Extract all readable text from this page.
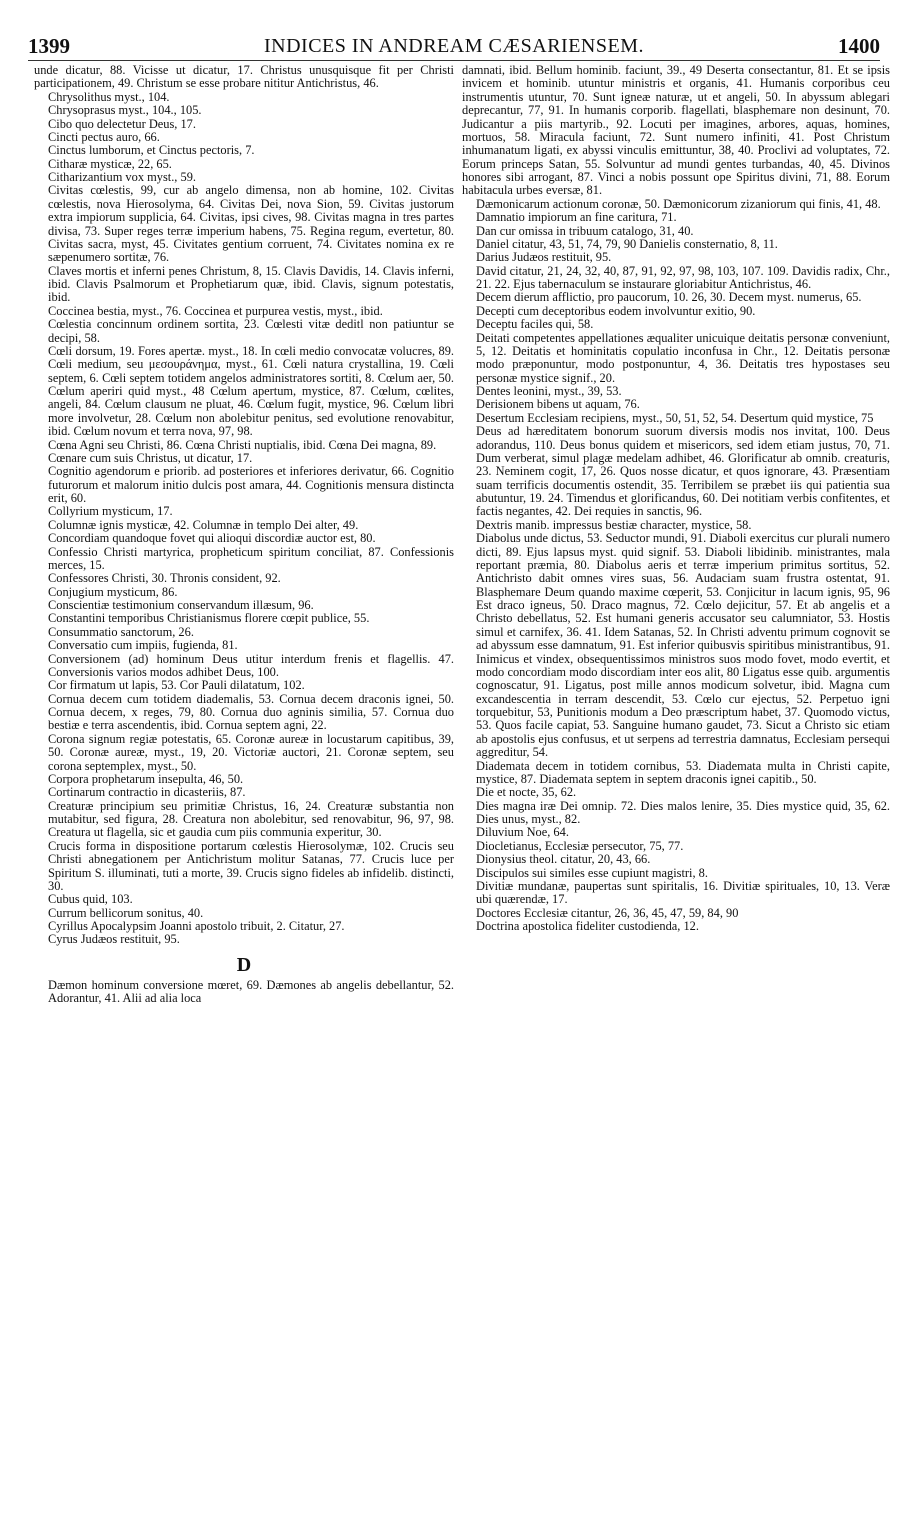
1399	INDICES IN ANDREAM CÆSARIENSEM.	1400

unde dicatur, 88. Vicisse ut dicatur, 17. Christus unusquisque fit per Christi participationem, 49. Christum se esse probare nititur Antichristus, 46.

Chrysolithus myst., 104.

Chrysoprasus myst., 104., 105.

Cibo quo delectetur Deus, 17.

Cincti pectus auro, 66.

Cinctus lumborum, et Cinctus pectoris, 7.

Citharæ mysticæ, 22, 65.

Citharizantium vox myst., 59.

Civitas cœlestis, 99, cur ab angelo dimensa, non ab homine, 102. Civitas cœlestis, nova Hierosolyma, 64. Civitas Dei, nova Sion, 59. Civitas justorum extra impiorum supplicia, 64. Civitas, ipsi cives, 98. Civitas magna in tres partes divisa, 73. Super reges terræ imperium habens, 75. Regina regum, evertetur, 80. Civitas sacra, myst, 45. Civitates gentium corruent, 74. Civitates nomina ex re sæpenumero sortitæ, 76.

Claves mortis et inferni penes Christum, 8, 15. Clavis Davidis, 14. Clavis inferni, ibid. Clavis Psalmorum et Prophetiarum quæ, ibid. Clavis, signum potestatis, ibid.

Coccinea bestia, myst., 76. Coccinea et purpurea vestis, myst., ibid.

Cœlestia concinnum ordinem sortita, 23. Cœlesti vitæ deditl non patiuntur se decipi, 58.

Cœli dorsum, 19. Fores apertæ. myst., 18. In cœli medio convocatæ volucres, 89. Cœli medium, seu μεσουράνημα, myst., 61. Cœli natura crystallina, 19. Cœli septem, 6. Cœli septem totidem angelos administratores sortiti, 8. Cœlum aer, 50. Cœlum aperiri quid myst., 48 Cœlum apertum, mystice, 87. Cœlum, cœlites, angeli, 84. Cœlum clausum ne pluat, 46. Cœlum fugit, mystice, 96. Cœlum libri more involvetur, 28. Cœlum non abolebitur penitus, sed evolutione renovabitur, ibid. Cœlum novum et terra nova, 97, 98.

Cœna Agni seu Christi, 86. Cœna Christi nuptialis, ibid. Cœna Dei magna, 89.

Cœnare cum suis Christus, ut dicatur, 17.

Cognitio agendorum e priorib. ad posteriores et inferiores derivatur, 66. Cognitio futurorum et malorum initio dulcis post amara, 44. Cognitionis mensura distincta erit, 60.

Collyrium mysticum, 17.

Columnæ ignis mysticæ, 42. Columnæ in templo Dei alter, 49.

Concordiam quandoque fovet qui alioqui discordiæ auctor est, 80.

Confessio Christi martyrica, propheticum spiritum conciliat, 87. Confessionis merces, 15.

Confessores Christi, 30. Thronis consident, 92.

Conjugium mysticum, 86.

Conscientiæ testimonium conservandum illæsum, 96.

Constantini temporibus Christianismus florere cœpit publice, 55.

Consummatio sanctorum, 26.

Conversatio cum impiis, fugienda, 81.

Conversionem (ad) hominum Deus utitur interdum frenis et flagellis. 47. Conversionis varios modos adhibet Deus, 100.

Cor firmatum ut lapis, 53. Cor Pauli dilatatum, 102.

Cornua decem cum totidem diademalis, 53. Cornua decem draconis ignei, 50. Cornua decem, x reges, 79, 80. Cornua duo agninis similia, 57. Cornua duo bestiæ e terra ascendentis, ibid. Cornua septem agni, 22.

Corona signum regiæ potestatis, 65. Coronæ aureæ in locustarum capitibus, 39, 50. Coronæ aureæ, myst., 19, 20. Victoriæ auctori, 21. Coronæ septem, seu corona septemplex, myst., 50.

Corpora prophetarum insepulta, 46, 50.

Cortinarum contractio in dicasteriis, 87.

Creaturæ principium seu primitiæ Christus, 16, 24. Creaturæ substantia non mutabitur, sed figura, 28. Creatura non abolebitur, sed renovabitur, 96, 97, 98. Creatura ut flagella, sic et gaudia cum piis communia experitur, 30.

Crucis forma in dispositione portarum cœlestis Hierosolymæ, 102. Crucis seu Christi abnegationem per Antichristum molitur Satanas, 77. Crucis luce per Spiritum S. illuminati, tuti a morte, 39. Crucis signo fideles ab infidelib. distincti, 30.

Cubus quid, 103.

Currum bellicorum sonitus, 40.

Cyrillus Apocalypsim Joanni apostolo tribuit, 2. Citatur, 27.

Cyrus Judæos restituit, 95.

D

Dæmon hominum conversione mœret, 69. Dæmones ab angelis debellantur, 52. Adorantur, 41. Alii ad alia loca

damnati, ibid. Bellum hominib. faciunt, 39., 49 Deserta consectantur, 81. Et se ipsis invicem et hominib. utuntur ministris et organis, 41. Humanis corporibus ceu instrumentis utuntur, 70. Sunt igneæ naturæ, ut et angeli, 50. In abyssum ablegari deprecantur, 77, 91. In humanis corporib. flagellati, blasphemare non desinunt, 70. Judicantur a piis martyrib., 92. Locuti per imagines, arbores, aquas, homines, mortuos, 58. Miracula faciunt, 72. Sunt numero infiniti, 41. Post Christum inhumanatum ligati, ex abyssi vinculis emittuntur, 38, 40. Proclivi ad voluptates, 72. Eorum princeps Satan, 55. Solvuntur ad mundi gentes turbandas, 40, 45. Divinos honores sibi arrogant, 87. Vinci a nobis possunt ope Spiritus divini, 71, 88. Eorum habitacula urbes eversæ, 81.

Dæmonicarum actionum coronæ, 50. Dæmonicorum zizaniorum qui finis, 41, 48.

Damnatio impiorum an fine caritura, 71.

Dan cur omissa in tribuum catalogo, 31, 40.

Daniel citatur, 43, 51, 74, 79, 90 Danielis consternatio, 8, 11.

Darius Judæos restituit, 95.

David citatur, 21, 24, 32, 40, 87, 91, 92, 97, 98, 103, 107. 109. Davidis radix, Chr., 21. 22. Ejus tabernaculum se instaurare gloriabitur Antichristus, 46.

Decem dierum afflictio, pro paucorum, 10. 26, 30. Decem myst. numerus, 65.

Decepti cum deceptoribus eodem involvuntur exitio, 90.

Deceptu faciles qui, 58.

Deitati competentes appellationes æqualiter unicuique deitatis personæ conveniunt, 5, 12. Deitatis et hominitatis copulatio inconfusa in Chr., 12. Deitatis personæ modo præponuntur, modo postponuntur, 4, 36. Deitatis tres hypostases seu personæ mystice signif., 20.

Dentes leonini, myst., 39, 53.

Derisionem bibens ut aquam, 76.

Desertum Ecclesiam recipiens, myst., 50, 51, 52, 54. Desertum quid mystice, 75

Deus ad hæreditatem bonorum suorum diversis modis nos invitat, 100. Deus adorandus, 110. Deus bonus quidem et misericors, sed idem etiam justus, 70, 71. Dum verberat, simul plagæ medelam adhibet, 46. Glorificatur ab omnib. creaturis, 23. Neminem cogit, 17, 26. Quos nosse dicatur, et quos ignorare, 43. Præsentiam suam terrificis documentis ostendit, 35. Terribilem se præbet iis qui patientia sua abutuntur, 19. 24. Timendus et glorificandus, 60. Dei notitiam verbis confitentes, et factis negantes, 42. Dei requies in sanctis, 96.

Dextris manib. impressus bestiæ character, mystice, 58.

Diabolus unde dictus, 53. Seductor mundi, 91. Diaboli exercitus cur plurali numero dicti, 89. Ejus lapsus myst. quid signif. 53. Diaboli libidinib. ministrantes, mala reportant præmia, 80. Diabolus aeris et terræ imperium primitus sortitus, 52. Antichristo dabit omnes vires suas, 56. Audaciam suam frustra ostentat, 91. Blasphemare Deum quando maxime cœperit, 53. Conjicitur in lacum ignis, 95, 96 Est draco igneus, 50. Draco magnus, 72. Cœlo dejicitur, 57. Et ab angelis et a Christo debellatus, 52. Est humani generis accusator seu calumniator, 53. Hostis simul et carnifex, 36. 41. Idem Satanas, 52. In Christi adventu primum cognovit se ad abyssum esse damnatum, 91. Est inferior quibusvis spiritibus ministrantibus, 91. Inimicus et vindex, obsequentissimos ministros suos modo fovet, modo evertit, et modo concordiam modo discordiam inter eos alit, 80 Ligatus esse quib. argumentis cognoscatur, 91. Ligatus, post mille annos modicum solvetur, ibid. Magna cum excandescentia in terram descendit, 53. Cœlo cur ejectus, 52. Perpetuo igni torquebitur, 53, Punitionis modum a Deo præscriptum habet, 37. Quomodo victus, 53. Quos facile capiat, 53. Sanguine humano gaudet, 73. Sicut a Christo sic etiam ab apostolis ejus confusus, et ut serpens ad terrestria damnatus, Ecclesiam persequi aggreditur, 54.

Diademata decem in totidem cornibus, 53. Diademata multa in Christi capite, mystice, 87. Diademata septem in septem draconis ignei capitib., 50.

Die et nocte, 35, 62.

Dies magna iræ Dei omnip. 72. Dies malos lenire, 35. Dies mystice quid, 35, 62. Dies unus, myst., 82.

Diluvium Noe, 64.

Diocletianus, Ecclesiæ persecutor, 75, 77.

Dionysius theol. citatur, 20, 43, 66.

Discipulos sui similes esse cupiunt magistri, 8.

Divitiæ mundanæ, paupertas sunt spiritalis, 16. Divitiæ spirituales, 10, 13. Veræ ubi quærendæ, 17.

Doctores Ecclesiæ citantur, 26, 36, 45, 47, 59, 84, 90

Doctrina apostolica fideliter custodienda, 12.
